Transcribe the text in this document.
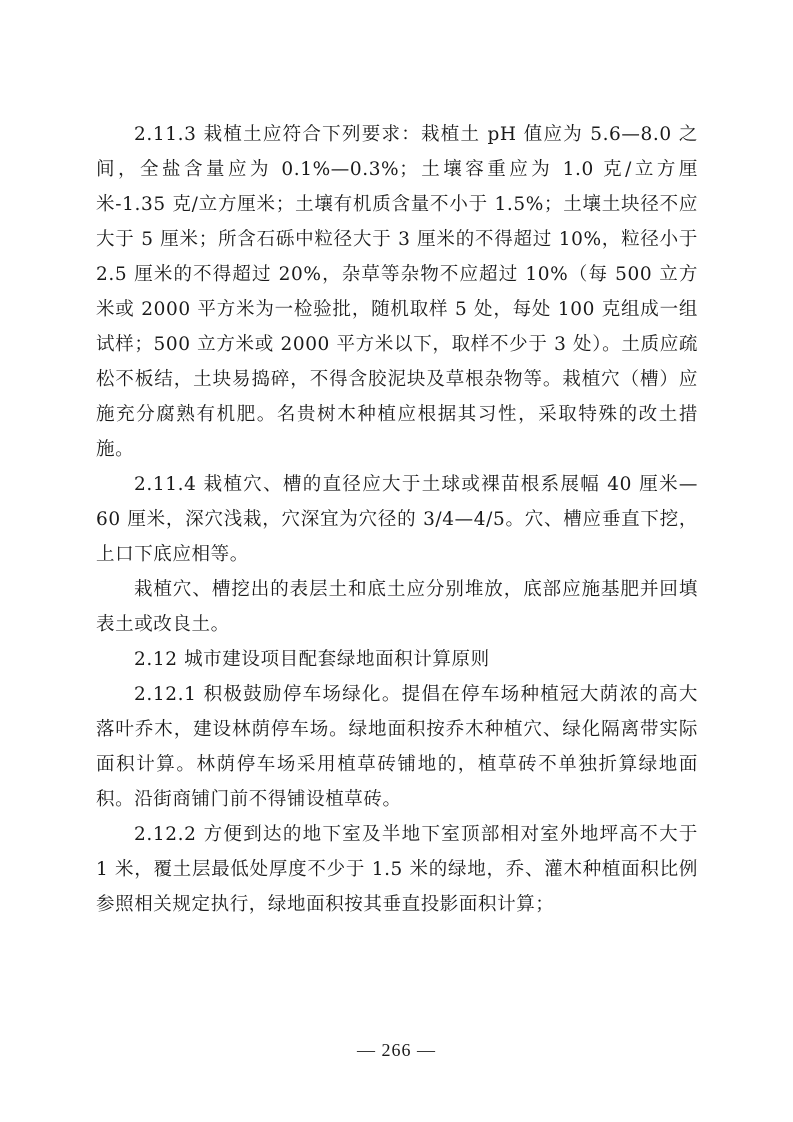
2.11.3 栽植土应符合下列要求：栽植土 pH 值应为 5.6—8.0 之间，全盐含量应为 0.1%—0.3%；土壤容重应为 1.0 克/立方厘米-1.35 克/立方厘米；土壤有机质含量不小于 1.5%；土壤土块径不应大于 5 厘米；所含石砾中粒径大于 3 厘米的不得超过 10%，粒径小于 2.5 厘米的不得超过 20%，杂草等杂物不应超过 10%（每 500 立方米或 2000 平方米为一检验批，随机取样 5 处，每处 100 克组成一组试样；500 立方米或 2000 平方米以下，取样不少于 3 处）。土质应疏松不板结，土块易捣碎，不得含胶泥块及草根杂物等。栽植穴（槽）应施充分腐熟有机肥。名贵树木种植应根据其习性，采取特殊的改土措施。

2.11.4 栽植穴、槽的直径应大于土球或裸苗根系展幅 40 厘米—60 厘米，深穴浅栽，穴深宜为穴径的 3/4—4/5。穴、槽应垂直下挖，上口下底应相等。

栽植穴、槽挖出的表层土和底土应分别堆放，底部应施基肥并回填表土或改良土。

2.12 城市建设项目配套绿地面积计算原则

2.12.1 积极鼓励停车场绿化。提倡在停车场种植冠大荫浓的高大落叶乔木，建设林荫停车场。绿地面积按乔木种植穴、绿化隔离带实际面积计算。林荫停车场采用植草砖铺地的，植草砖不单独折算绿地面积。沿街商铺门前不得铺设植草砖。

2.12.2 方便到达的地下室及半地下室顶部相对室外地坪高不大于 1 米，覆土层最低处厚度不少于 1.5 米的绿地，乔、灌木种植面积比例参照相关规定执行，绿地面积按其垂直投影面积计算；

— 266 —
